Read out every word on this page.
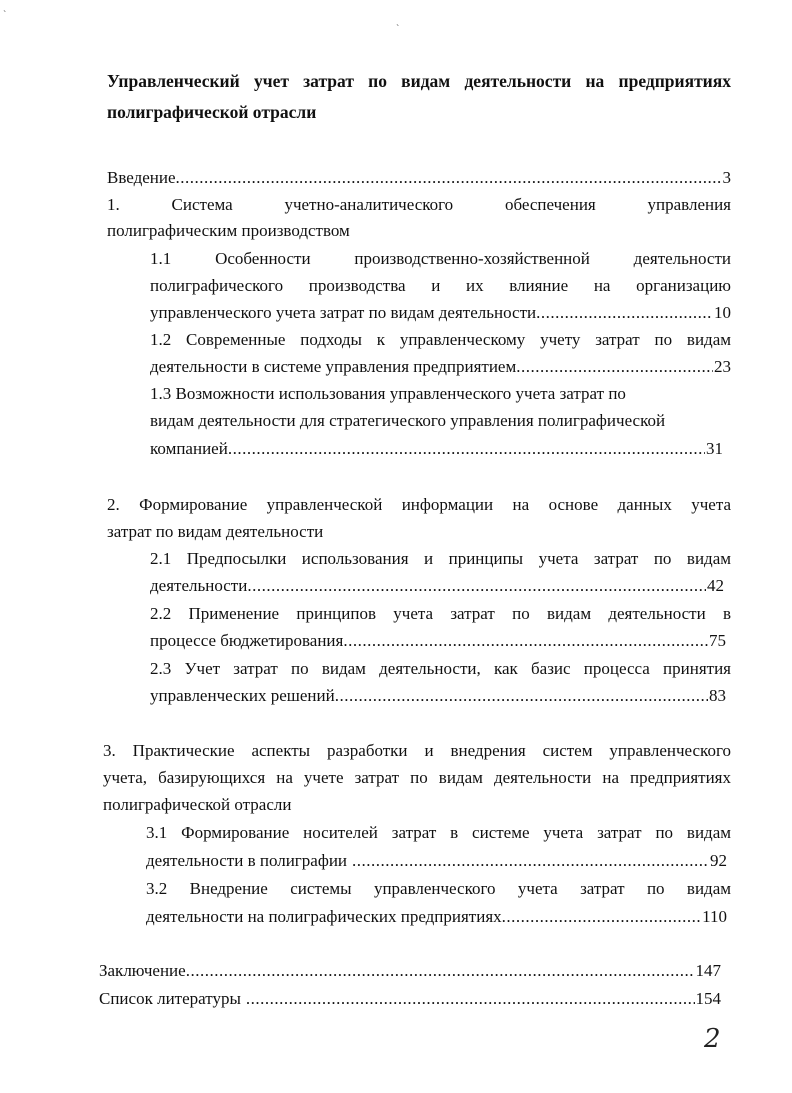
`
`
Управленческий учет затрат по видам деятельности на предприятиях
полиграфической отрасли
Введение .....	3
1. Система учетно-аналитического обеспечения управления
полиграфическим производством
1.1 Особенности производственно-хозяйственной деятельности
полиграфического производства и их влияние на организацию
управленческого учета затрат по видам деятельности .....	10
1.2 Современные подходы к управленческому учету затрат по видам
деятельности в системе управления предприятием .....	23
1.3 Возможности использования управленческого учета затрат по
видам деятельности для стратегического управления полиграфической
компанией .....	31
2. Формирование управленческой информации на основе данных учета
затрат по видам деятельности
2.1 Предпосылки использования и принципы учета затрат по видам
деятельности .....	42
2.2 Применение принципов учета затрат по видам деятельности в
процессе бюджетирования .....	75
2.3 Учет затрат по видам деятельности, как базис процесса принятия
управленческих решений .....	83
3. Практические аспекты разработки и внедрения систем управленческого
учета, базирующихся на учете затрат по видам деятельности на предприятиях
полиграфической отрасли
3.1 Формирование носителей затрат в системе учета затрат по видам
деятельности в полиграфии .....	92
3.2 Внедрение системы управленческого учета затрат по видам
деятельности на полиграфических предприятиях .....	110
Заключение .....	147
Список литературы .....	154
2
